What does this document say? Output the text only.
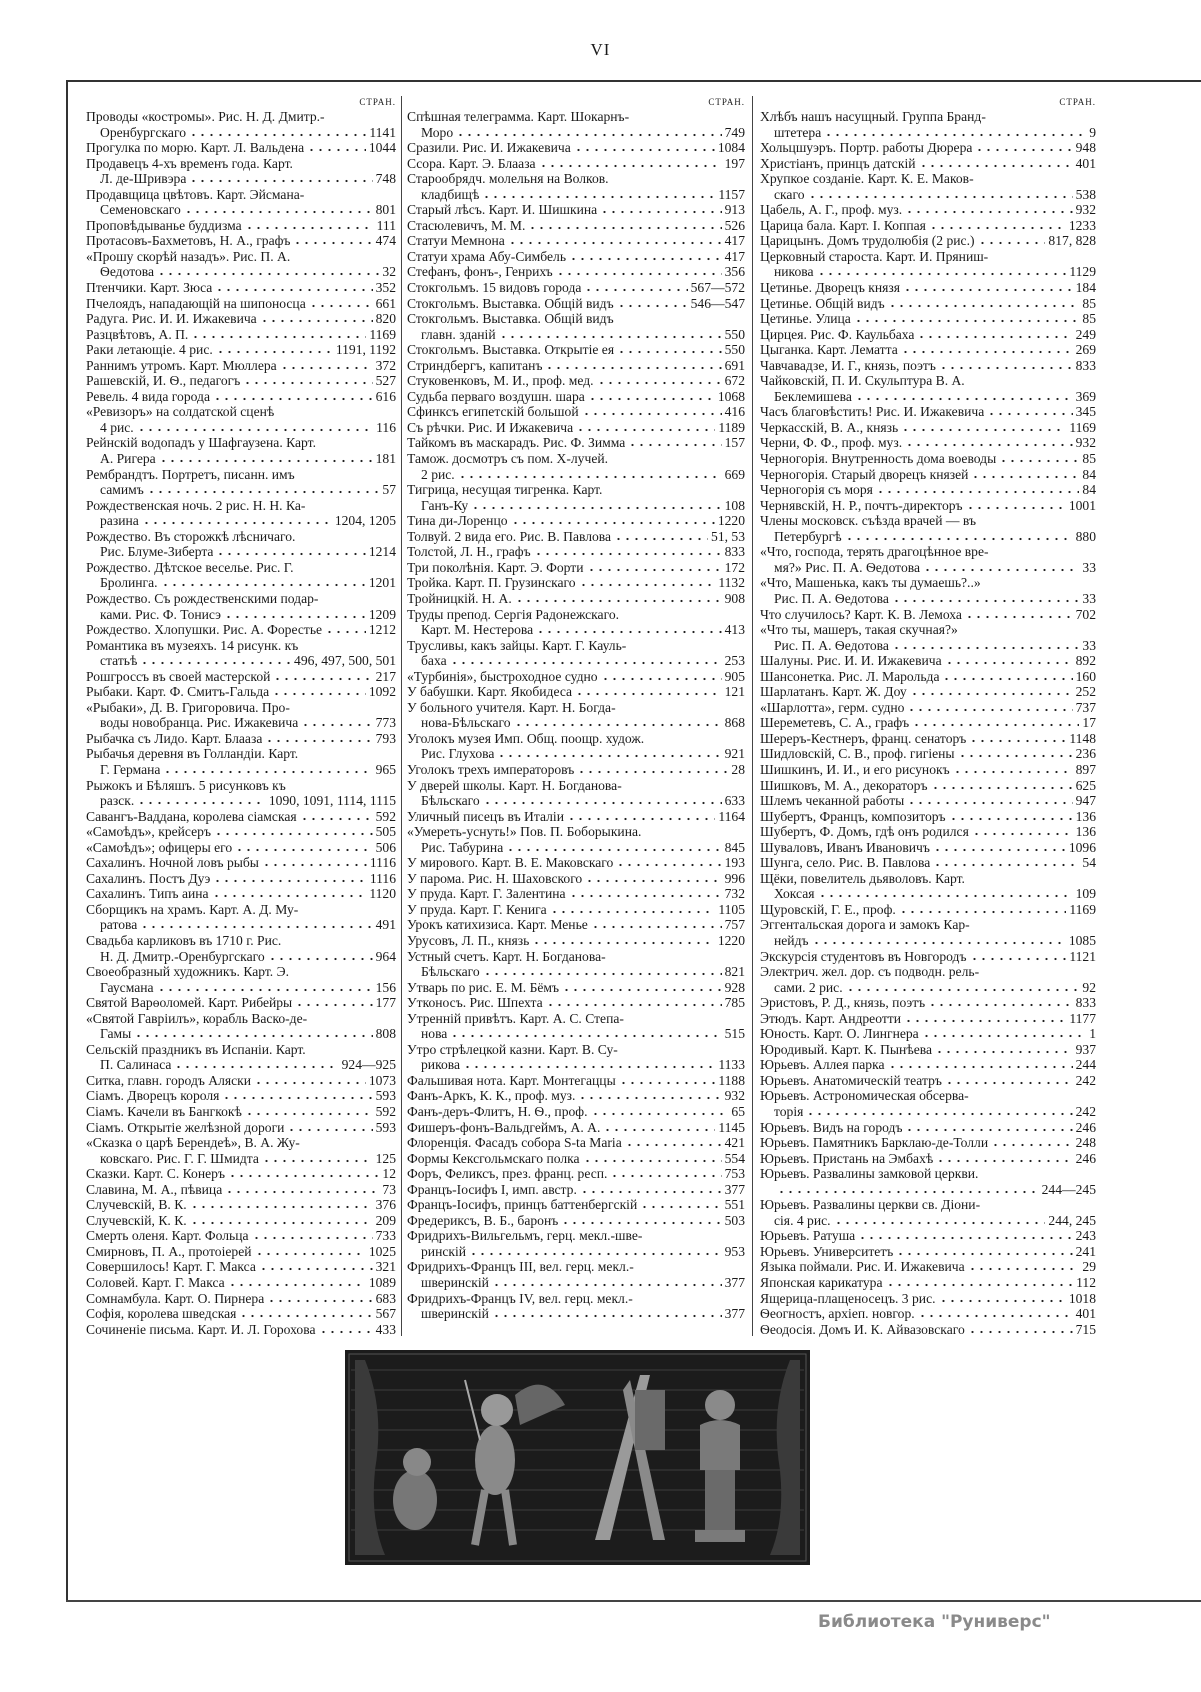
VI
СТРАН.
Проводы «костромы». Рис. Н. Д. Дмитр.-
Оренбургскаго	1141
Прогулка по морю. Карт. Л. Вальдена	1044
Продавецъ 4-хъ временъ года. Карт.
Л. де-Шривэра	748
Продавщица цвѣтовъ. Карт. Эйсмана-
Семеновскаго	801
Проповѣдыванье буддизма	111
Протасовъ-Бахметовъ, Н. А., графъ	474
«Прошу скорѣй назадъ». Рис. П. А.
Ѳедотова	32
Птенчики. Карт. Зюса	352
Пчелоядъ, нападающій на шипоносца	661
Радуга. Рис. И. И. Ижакевича	820
Разцвѣтовъ, А. П.	1169
Раки летающіе. 4 рис.	1191, 1192
Раннимъ утромъ. Карт. Мюллера	372
Рашевскій, И. Ѳ., педагогъ	527
Ревель. 4 вида города	616
«Ревизоръ» на солдатской сценѣ
4 рис.	116
Рейнскій водопадъ у Шафгаузена. Карт.
А. Ригера	181
Рембрандтъ. Портретъ, писанн. имъ
самимъ	57
Рождественская ночь. 2 рис. Н. Н. Ка-
разина	1204, 1205
Рождество. Въ сторожкѣ лѣсничаго.
Рис. Блуме-Зиберта	1214
Рождество. Дѣтское веселье. Рис. Г.
Бролинга.	1201
Рождество. Съ рождественскими подар-
ками. Рис. Ф. Тонисэ	1209
Рождество. Хлопушки. Рис. А. Форестье	1212
Романтика въ музеяхъ. 14 рисунк. къ
статьѣ	496, 497, 500, 501
Рошгроссъ въ своей мастерской	217
Рыбаки. Карт. Ф. Смитъ-Гальда	1092
«Рыбаки», Д. В. Григоровича. Про-
воды новобранца. Рис. Ижакевича	773
Рыбачка съ Лидо. Карт. Блааза	793
Рыбачья деревня въ Голландіи. Карт.
Г. Германа	965
Рыжокъ и Бѣляшъ. 5 рисунковъ къ
разск.	1090, 1091, 1114, 1115
Савангъ-Ваддана, королева сіамская	592
«Самоѣдъ», крейсеръ	505
«Самоѣдъ»; офицеры его	506
Сахалинъ. Ночной ловъ рыбы	1116
Сахалинъ. Постъ Дуэ	1116
Сахалинъ. Типъ аина	1120
Сборщикъ на храмъ. Карт. А. Д. Му-
ратова	491
Свадьба карликовъ въ 1710 г. Рис.
Н. Д. Дмитр.-Оренбургскаго	964
Своеобразный художникъ. Карт. Э.
Гаусмана	156
Святой Варѳоломей. Карт. Рибейры	177
«Святой Гавріилъ», корабль Васко-де-
Гамы	808
Сельскій праздникъ въ Испаніи. Карт.
П. Салинаса	924—925
Ситка, главн. городъ Аляски	1073
Сіамъ. Дворецъ короля	593
Сіамъ. Качели въ Бангкокѣ	592
Сіамъ. Открытіе желѣзной дороги	593
«Сказка о царѣ Берендеѣ», В. А. Жу-
ковскаго. Рис. Г. Г. Шмидта	125
Сказки. Карт. С. Конеръ	12
Славина, М. А., пѣвица	73
Случевскій, В. К.	376
Случевскій, К. К.	209
Смерть оленя. Карт. Фольца	733
Смирновъ, П. А., протоіерей	1025
Совершилось! Карт. Г. Макса	321
Соловей. Карт. Г. Макса	1089
Сомнамбула. Карт. О. Пирнера	683
Софія, королева шведская	567
Сочиненіе письма. Карт. И. Л. Горохова	433
СТРАН.
Спѣшная телеграмма. Карт. Шокарнъ-
Моро	749
Сразили. Рис. И. Ижакевича	1084
Ссора. Карт. Э. Блааза	197
Старообрядч. молельня на Волков.
кладбищѣ	1157
Старый лѣсъ. Карт. И. Шишкина	913
Стасюлевичъ, М. М.	526
Статуи Мемнона	417
Статуи храма Абу-Симбель	417
Стефанъ, фонъ-, Генрихъ	356
Стокгольмъ. 15 видовъ города	567—572
Стокгольмъ. Выставка. Общій видъ	546—547
Стокгольмъ. Выставка. Общій видъ
главн. зданій	550
Стокгольмъ. Выставка. Открытіе ея	550
Стриндбергъ, капитанъ	691
Стуковенковъ, М. И., проф. мед.	672
Судьба перваго воздушн. шара	1068
Сфинксъ египетскій большой	416
Съ рѣчки. Рис. И Ижакевича	1189
Тайкомъ въ маскарадъ. Рис. Ф. Зимма	157
Тамож. досмотръ съ пом. X-лучей.
2 рис.	669
Тигрица, несущая тигренка. Карт.
Ганъ-Ку	108
Тина ди-Лоренцо	1220
Толвуй. 2 вида его. Рис. В. Павлова	51, 53
Толстой, Л. Н., графъ	833
Три поколѣнія. Карт. Э. Форти	172
Тройка. Карт. П. Грузинскаго	1132
Тройницкій. Н. А.	908
Труды препод. Сергія Радонежскаго.
Карт. М. Нестерова	413
Трусливы, какъ зайцы. Карт. Г. Кауль-
баха	253
«Турбинія», быстроходное судно	905
У бабушки. Карт. Якобидеса	121
У больного учителя. Карт. Н. Богда-
нова-Бѣльскаго	868
Уголокъ музея Имп. Общ. поощр. худож.
Рис. Глухова	921
Уголокъ трехъ императоровъ	28
У дверей школы. Карт. Н. Богданова-
Бѣльскаго	633
Уличный писецъ въ Италіи	1164
«Умереть-уснуть!» Пов. П. Боборыкина.
Рис. Табурина	845
У мирового. Карт. В. Е. Маковскаго	193
У парома. Рис. Н. Шаховского	996
У пруда. Карт. Г. Залентина	732
У пруда. Карт. Г. Кенига	1105
Урокъ катихизиса. Карт. Менье	757
Урусовъ, Л. П., князь	1220
Устный счетъ. Карт. Н. Богданова-
Бѣльскаго	821
Утварь по рис. Е. М. Бёмъ	928
Утконосъ. Рис. Шпехта	785
Утренній привѣтъ. Карт. А. С. Степа-
нова	515
Утро стрѣлецкой казни. Карт. В. Су-
рикова	1133
Фальшивая нота. Карт. Монтегаццы	1188
Фанъ-Аркъ, К. К., проф. муз.	932
Фанъ-деръ-Флитъ, Н. Ѳ., проф.	65
Фишеръ-фонъ-Вальдгеймъ, А. А.	1145
Флоренція. Фасадъ собора S-ta Maria	421
Формы Кексгольмскаго полка	554
Форъ, Феликсъ, през. франц. респ.	753
Францъ-Іосифъ I, имп. австр.	377
Францъ-Іосифъ, принцъ баттенбергскій	551
Фредериксъ, В. Б., баронъ	503
Фридрихъ-Вильгельмъ, герц. мекл.-шве-
ринскій	953
Фридрихъ-Францъ III, вел. герц. мекл.-
шверинскій	377
Фридрихъ-Францъ IV, вел. герц. мекл.-
шверинскій	377
СТРАН.
Хлѣбъ нашъ насущный. Группа Бранд-
штетера	9
Хольцшуэръ. Портр. работы Дюрера	948
Христіанъ, принцъ датскій	401
Хрупкое созданіе. Карт. К. Е. Маков-
скаго	538
Цабель, А. Г., проф. муз.	932
Царица бала. Карт. І. Коппая	1233
Царицынъ. Домъ трудолюбія (2 рис.)	817, 828
Церковный староста. Карт. И. Пряниш-
никова	1129
Цетинье. Дворецъ князя	184
Цетинье. Общій видъ	85
Цетинье. Улица	85
Цирцея. Рис. Ф. Каульбаха	249
Цыганка. Карт. Лематта	269
Чавчавадзе, И. Г., князь, поэтъ	833
Чайковскій, П. И. Скульптура В. А.
Беклемишева	369
Часъ благовѣстить! Рис. И. Ижакевича	345
Черкасскій, В. А., князь	1169
Черни, Ф. Ф., проф. муз.	932
Черногорія. Внутренность дома воеводы	85
Черногорія. Старый дворецъ князей	84
Черногорія съ моря	84
Чернявскій, Н. Р., почтъ-директоръ	1001
Члены московск. съѣзда врачей — въ
Петербургѣ	880
«Что, господа, терять драгоцѣнное вре-
мя?» Рис. П. А. Ѳедотова	33
«Что, Машенька, какъ ты думаешь?..»
Рис. П. А. Ѳедотова	33
Что случилось? Карт. К. В. Лемоха	702
«Что ты, машеръ, такая скучная?»
Рис. П. А. Ѳедотова	33
Шалуны. Рис. И. И. Ижакевича	892
Шансонетка. Рис. Л. Марольда	160
Шарлатанъ. Карт. Ж. Доу	252
«Шарлотта», герм. судно	737
Шереметевъ, С. А., графъ	17
Шереръ-Кестнеръ, франц. сенаторъ	1148
Шидловскій, С. В., проф. гигіены	236
Шишкинъ, И. И., и его рисунокъ	897
Шишковъ, М. А., декораторъ	625
Шлемъ чеканной работы	947
Шубертъ, Францъ, композиторъ	136
Шубертъ, Ф. Домъ, гдѣ онъ родился	136
Шуваловъ, Иванъ Ивановичъ	1096
Шунга, село. Рис. В. Павлова	54
Щёки, повелитель дьяволовъ. Карт.
Хоксая	109
Щуровскій, Г. Е., проф.	1169
Эггентальская дорога и замокъ Кар-
нейдъ	1085
Экскурсія студентовъ въ Новгородъ	1121
Электрич. жел. дор. съ подводн. рель-
сами. 2 рис.	92
Эристовъ, Р. Д., князь, поэтъ	833
Этюдъ. Карт. Андреотти	1177
Юность. Карт. О. Лингнера	1
Юродивый. Карт. К. Пынѣева	937
Юрьевъ. Аллея парка	244
Юрьевъ. Анатомическій театръ	242
Юрьевъ. Астрономическая обсерва-
торія	242
Юрьевъ. Видъ на городъ	246
Юрьевъ. Памятникъ Барклаю-де-Толли	248
Юрьевъ. Пристань на Эмбахѣ	246
Юрьевъ. Развалины замковой церкви.
244—245
Юрьевъ. Развалины церкви св. Діони-
сія. 4 рис.	244, 245
Юрьевъ. Ратуша	243
Юрьевъ. Университетъ	241
Языка поймали. Рис. И. Ижакевича	29
Японская карикатура	112
Ящерица-плащеносецъ. 3 рис.	1018
Ѳеогностъ, архіеп. новгор.	401
Ѳеодосія. Домъ И. К. Айвазовскаго	715
Библиотека "Руниверс"
